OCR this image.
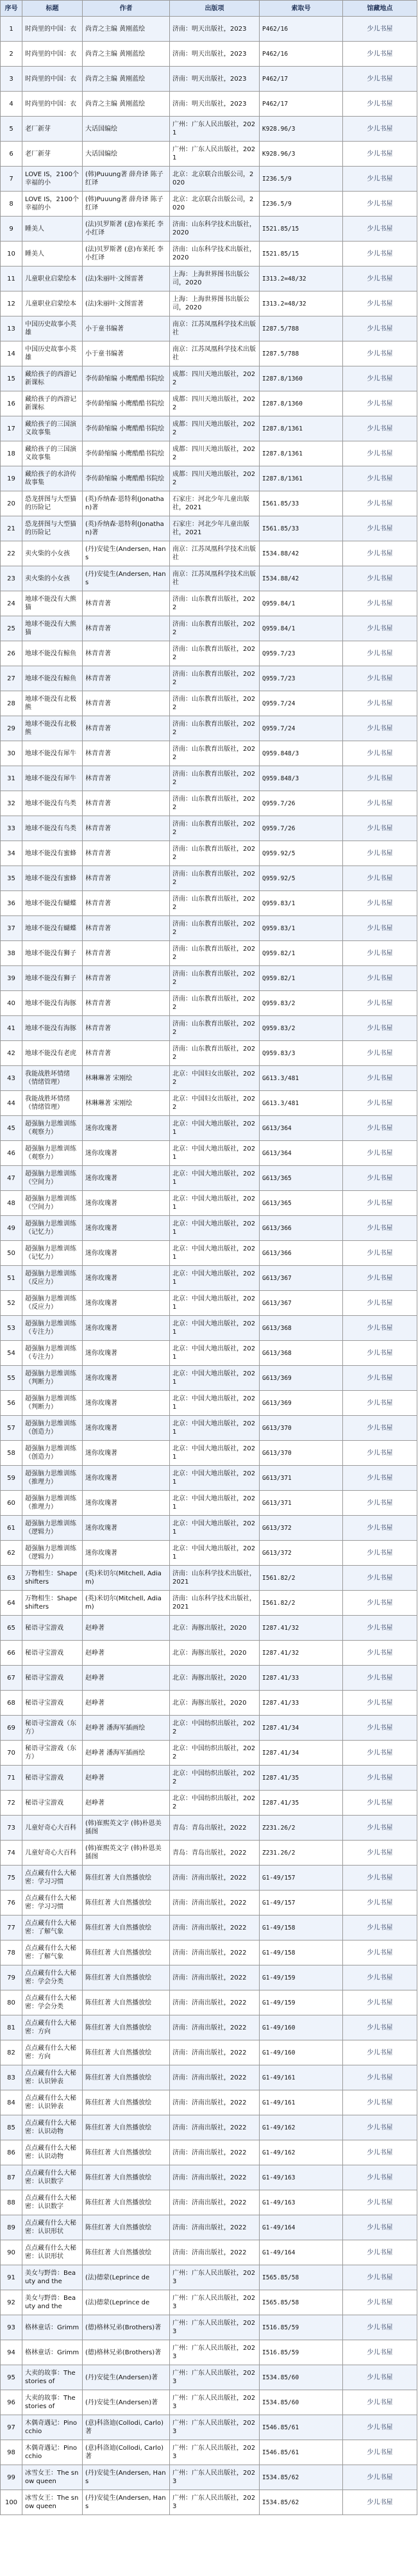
序号	标题	作者	出版项	索取号	馆藏地点

1	时尚里的中国：衣	尚青之主编 黄刚蓝绘	济南：明天出版社，2023	P462/16	少儿书屋

2	时尚里的中国：衣	尚青之主编 黄刚蓝绘	济南：明天出版社，2023	P462/16	少儿书屋

3	时尚里的中国：衣	尚青之主编 黄刚蓝绘	济南：明天出版社，2023	P462/17	少儿书屋

4	时尚里的中国：衣	尚青之主编 黄刚蓝绘	济南：明天出版社，2023	P462/17	少儿书屋

5	老厂新芽	大话国编绘	广州：广东人民出版社，2021	K928.96/3	少儿书屋

6	老厂新芽	大话国编绘	广州：广东人民出版社，2021	K928.96/3	少儿书屋

7	LOVE IS，2100个幸福的小	(韩)Puuung著 薛舟译 陈子红译	北京：北京联合出版公司，2020	I236.5/9	少儿书屋

8	LOVE IS，2100个幸福的小	(韩)Puuung著 薛舟译 陈子红译	北京：北京联合出版公司，2020	I236.5/9	少儿书屋

9	睡美人	(法)贝罗斯著 (意)布莱托 李小红译	济南：山东科学技术出版社，2020	I521.85/15	少儿书屋

10	睡美人	(法)贝罗斯著 (意)布莱托 李小红译	济南：山东科学技术出版社，2020	I521.85/15	少儿书屋

11	儿童职业启蒙绘本	(法)朱丽叶·文图雷著	上海：上海世界图书出版公司，2020	I313.2=48/32	少儿书屋

12	儿童职业启蒙绘本	(法)朱丽叶·文图雷著	上海：上海世界图书出版公司，2020	I313.2=48/32	少儿书屋

13	中国历史故事小英雄	小于童书编著	南京：江苏凤凰科学技术出版社	I287.5/788	少儿书屋

14	中国历史故事小英雄	小于童书编著	南京：江苏凤凰科学技术出版社	I287.5/788	少儿书屋

15	藏给孩子的西游记新课标	李传龄缩编 小鹰酷酷书院绘	成都：四川天地出版社，2022	I287.8/1360	少儿书屋

16	藏给孩子的西游记新课标	李传龄缩编 小鹰酷酷书院绘	成都：四川天地出版社，2022	I287.8/1360	少儿书屋

17	藏给孩子的三国演义故事集	李传龄缩编 小鹰酷酷书院绘	成都：四川天地出版社，2022	I287.8/1361	少儿书屋

18	藏给孩子的三国演义故事集	李传龄缩编 小鹰酷酷书院绘	成都：四川天地出版社，2022	I287.8/1361	少儿书屋

19	藏给孩子的水浒传故事集	李传龄缩编 小鹰酷酷书院绘	成都：四川天地出版社，2022	I287.8/1361	少儿书屋

20	恐龙拼图与大型猫的历险记	(英)乔纳森·恩特利(Jonathan)著	石家庄：河北少年儿童出版社，2021	I561.85/33	少儿书屋

21	恐龙拼图与大型猫的历险记	(英)乔纳森·恩特利(Jonathan)著	石家庄：河北少年儿童出版社，2021	I561.85/33	少儿书屋

22	卖火柴的小女孩	(丹)安徒生(Andersen, Hans	南京：江苏凤凰科学技术出版社	I534.88/42	少儿书屋

23	卖火柴的小女孩	(丹)安徒生(Andersen, Hans	南京：江苏凤凰科学技术出版社	I534.88/42	少儿书屋

24	地球不能没有大熊猫	林青青著	济南：山东教育出版社，2022	Q959.84/1	少儿书屋

25	地球不能没有大熊猫	林青青著	济南：山东教育出版社，2022	Q959.84/1	少儿书屋

26	地球不能没有鲸鱼	林青青著	济南：山东教育出版社，2022	Q959.7/23	少儿书屋

27	地球不能没有鲸鱼	林青青著	济南：山东教育出版社，2022	Q959.7/23	少儿书屋

28	地球不能没有北极熊	林青青著	济南：山东教育出版社，2022	Q959.7/24	少儿书屋

29	地球不能没有北极熊	林青青著	济南：山东教育出版社，2022	Q959.7/24	少儿书屋

30	地球不能没有犀牛	林青青著	济南：山东教育出版社，2022	Q959.848/3	少儿书屋

31	地球不能没有犀牛	林青青著	济南：山东教育出版社，2022	Q959.848/3	少儿书屋

32	地球不能没有鸟类	林青青著	济南：山东教育出版社，2022	Q959.7/26	少儿书屋

33	地球不能没有鸟类	林青青著	济南：山东教育出版社，2022	Q959.7/26	少儿书屋

34	地球不能没有蜜蜂	林青青著	济南：山东教育出版社，2022	Q959.92/5	少儿书屋

35	地球不能没有蜜蜂	林青青著	济南：山东教育出版社，2022	Q959.92/5	少儿书屋

36	地球不能没有蝴蝶	林青青著	济南：山东教育出版社，2022	Q959.83/1	少儿书屋

37	地球不能没有蝴蝶	林青青著	济南：山东教育出版社，2022	Q959.83/1	少儿书屋

38	地球不能没有狮子	林青青著	济南：山东教育出版社，2022	Q959.82/1	少儿书屋

39	地球不能没有狮子	林青青著	济南：山东教育出版社，2022	Q959.82/1	少儿书屋

40	地球不能没有海豚	林青青著	济南：山东教育出版社，2022	Q959.83/2	少儿书屋

41	地球不能没有海豚	林青青著	济南：山东教育出版社，2022	Q959.83/2	少儿书屋

42	地球不能没有老虎	林青青著	济南：山东教育出版社，2022	Q959.83/3	少儿书屋

43	我能战胜坏情绪（情绪管理）	林琳琳著 宋刚绘	北京：中国妇女出版社，2022	G613.3/481	少儿书屋

44	我能战胜坏情绪（情绪管理）	林琳琳著 宋刚绘	北京：中国妇女出版社，2022	G613.3/481	少儿书屋

45	超强脑力思维训练（观察力）	迷你玫瑰著	北京：中国大地出版社，2021	G613/364	少儿书屋

46	超强脑力思维训练（观察力）	迷你玫瑰著	北京：中国大地出版社，2021	G613/364	少儿书屋

47	超强脑力思维训练（空间力）	迷你玫瑰著	北京：中国大地出版社，2021	G613/365	少儿书屋

48	超强脑力思维训练（空间力）	迷你玫瑰著	北京：中国大地出版社，2021	G613/365	少儿书屋

49	超强脑力思维训练（记忆力）	迷你玫瑰著	北京：中国大地出版社，2021	G613/366	少儿书屋

50	超强脑力思维训练（记忆力）	迷你玫瑰著	北京：中国大地出版社，2021	G613/366	少儿书屋

51	超强脑力思维训练（反应力）	迷你玫瑰著	北京：中国大地出版社，2021	G613/367	少儿书屋

52	超强脑力思维训练（反应力）	迷你玫瑰著	北京：中国大地出版社，2021	G613/367	少儿书屋

53	超强脑力思维训练（专注力）	迷你玫瑰著	北京：中国大地出版社，2021	G613/368	少儿书屋

54	超强脑力思维训练（专注力）	迷你玫瑰著	北京：中国大地出版社，2021	G613/368	少儿书屋

55	超强脑力思维训练（判断力）	迷你玫瑰著	北京：中国大地出版社，2021	G613/369	少儿书屋

56	超强脑力思维训练（判断力）	迷你玫瑰著	北京：中国大地出版社，2021	G613/369	少儿书屋

57	超强脑力思维训练（创造力）	迷你玫瑰著	北京：中国大地出版社，2021	G613/370	少儿书屋

58	超强脑力思维训练（创造力）	迷你玫瑰著	北京：中国大地出版社，2021	G613/370	少儿书屋

59	超强脑力思维训练（推理力）	迷你玫瑰著	北京：中国大地出版社，2021	G613/371	少儿书屋

60	超强脑力思维训练（推理力）	迷你玫瑰著	北京：中国大地出版社，2021	G613/371	少儿书屋

61	超强脑力思维训练（逻辑力）	迷你玫瑰著	北京：中国大地出版社，2021	G613/372	少儿书屋

62	超强脑力思维训练（逻辑力）	迷你玫瑰著	北京：中国大地出版社，2021	G613/372	少儿书屋

63	万物相生：Shapeshifters	(英)米切尔(Mitchell, Adiam)	济南：山东科学技术出版社，2021	I561.82/2	少儿书屋

64	万物相生：Shapeshifters	(英)米切尔(Mitchell, Adiam)	济南：山东科学技术出版社，2021	I561.82/2	少儿书屋

65	秘语寻宝游戏	赵峥著	北京：海豚出版社，2020	I287.41/32	少儿书屋

66	秘语寻宝游戏	赵峥著	北京：海豚出版社，2020	I287.41/32	少儿书屋

67	秘语寻宝游戏	赵峥著	北京：海豚出版社，2020	I287.41/33	少儿书屋

68	秘语寻宝游戏	赵峥著	北京：海豚出版社，2020	I287.41/33	少儿书屋

69	秘语寻宝游戏（东方）	赵峥著 潘海军插画绘	北京：中国纺织出版社，2022	I287.41/34	少儿书屋

70	秘语寻宝游戏（东方）	赵峥著 潘海军插画绘	北京：中国纺织出版社，2022	I287.41/34	少儿书屋

71	秘语寻宝游戏	赵峥著	北京：中国纺织出版社，2022	I287.41/35	少儿书屋

72	秘语寻宝游戏	赵峥著	北京：中国纺织出版社，2022	I287.41/35	少儿书屋

73	儿童好奇心大百科	(韩)崔熙英文字 (韩)朴恩美插图	青岛：青岛出版社，2022	Z231.26/2	少儿书屋

74	儿童好奇心大百科	(韩)崔熙英文字 (韩)朴恩美插图	青岛：青岛出版社，2022	Z231.26/2	少儿书屋

75	点点藏有什么大秘密：学习习惯	陈佳红著 大自然播放绘	济南：济南出版社，2022	G1-49/157	少儿书屋

76	点点藏有什么大秘密：学习习惯	陈佳红著 大自然播放绘	济南：济南出版社，2022	G1-49/157	少儿书屋

77	点点藏有什么大秘密：了解气象	陈佳红著 大自然播放绘	济南：济南出版社，2022	G1-49/158	少儿书屋

78	点点藏有什么大秘密：了解气象	陈佳红著 大自然播放绘	济南：济南出版社，2022	G1-49/158	少儿书屋

79	点点藏有什么大秘密：学会分类	陈佳红著 大自然播放绘	济南：济南出版社，2022	G1-49/159	少儿书屋

80	点点藏有什么大秘密：学会分类	陈佳红著 大自然播放绘	济南：济南出版社，2022	G1-49/159	少儿书屋

81	点点藏有什么大秘密：方向	陈佳红著 大自然播放绘	济南：济南出版社，2022	G1-49/160	少儿书屋

82	点点藏有什么大秘密：方向	陈佳红著 大自然播放绘	济南：济南出版社，2022	G1-49/160	少儿书屋

83	点点藏有什么大秘密：认识钟表	陈佳红著 大自然播放绘	济南：济南出版社，2022	G1-49/161	少儿书屋

84	点点藏有什么大秘密：认识钟表	陈佳红著 大自然播放绘	济南：济南出版社，2022	G1-49/161	少儿书屋

85	点点藏有什么大秘密：认识动物	陈佳红著 大自然播放绘	济南：济南出版社，2022	G1-49/162	少儿书屋

86	点点藏有什么大秘密：认识动物	陈佳红著 大自然播放绘	济南：济南出版社，2022	G1-49/162	少儿书屋

87	点点藏有什么大秘密：认识数字	陈佳红著 大自然播放绘	济南：济南出版社，2022	G1-49/163	少儿书屋

88	点点藏有什么大秘密：认识数字	陈佳红著 大自然播放绘	济南：济南出版社，2022	G1-49/163	少儿书屋

89	点点藏有什么大秘密：认识形状	陈佳红著 大自然播放绘	济南：济南出版社，2022	G1-49/164	少儿书屋

90	点点藏有什么大秘密：认识形状	陈佳红著 大自然播放绘	济南：济南出版社，2022	G1-49/164	少儿书屋

91	美女与野兽：Beauty and the	(法)德蒙(Leprince de	广州：广东人民出版社，2023	I565.85/58	少儿书屋

92	美女与野兽：Beauty and the	(法)德蒙(Leprince de	广州：广东人民出版社，2023	I565.85/58	少儿书屋

93	格林童话：Grimm	(德)格林兄弟(Brothers)著	广州：广东人民出版社，2023	I516.85/59	少儿书屋

94	格林童话：Grimm	(德)格林兄弟(Brothers)著	广州：广东人民出版社，2023	I516.85/59	少儿书屋

95	大卖的故事：The stories of	(丹)安徒生(Andersen)著	广州：广东人民出版社，2023	I534.85/60	少儿书屋

96	大卖的故事：The stories of	(丹)安徒生(Andersen)著	广州：广东人民出版社，2023	I534.85/60	少儿书屋

97	木偶奇遇记：Pinocchio	(意)科洛迪(Collodi, Carlo)著	广州：广东人民出版社，2023	I546.85/61	少儿书屋

98	木偶奇遇记：Pinocchio	(意)科洛迪(Collodi, Carlo)著	广州：广东人民出版社，2023	I546.85/61	少儿书屋

99	冰雪女王：The snow queen	(丹)安徒生(Andersen, Hans	广州：广东人民出版社，2023	I534.85/62	少儿书屋

100	冰雪女王：The snow queen	(丹)安徒生(Andersen, Hans	广州：广东人民出版社，2023	I534.85/62	少儿书屋
